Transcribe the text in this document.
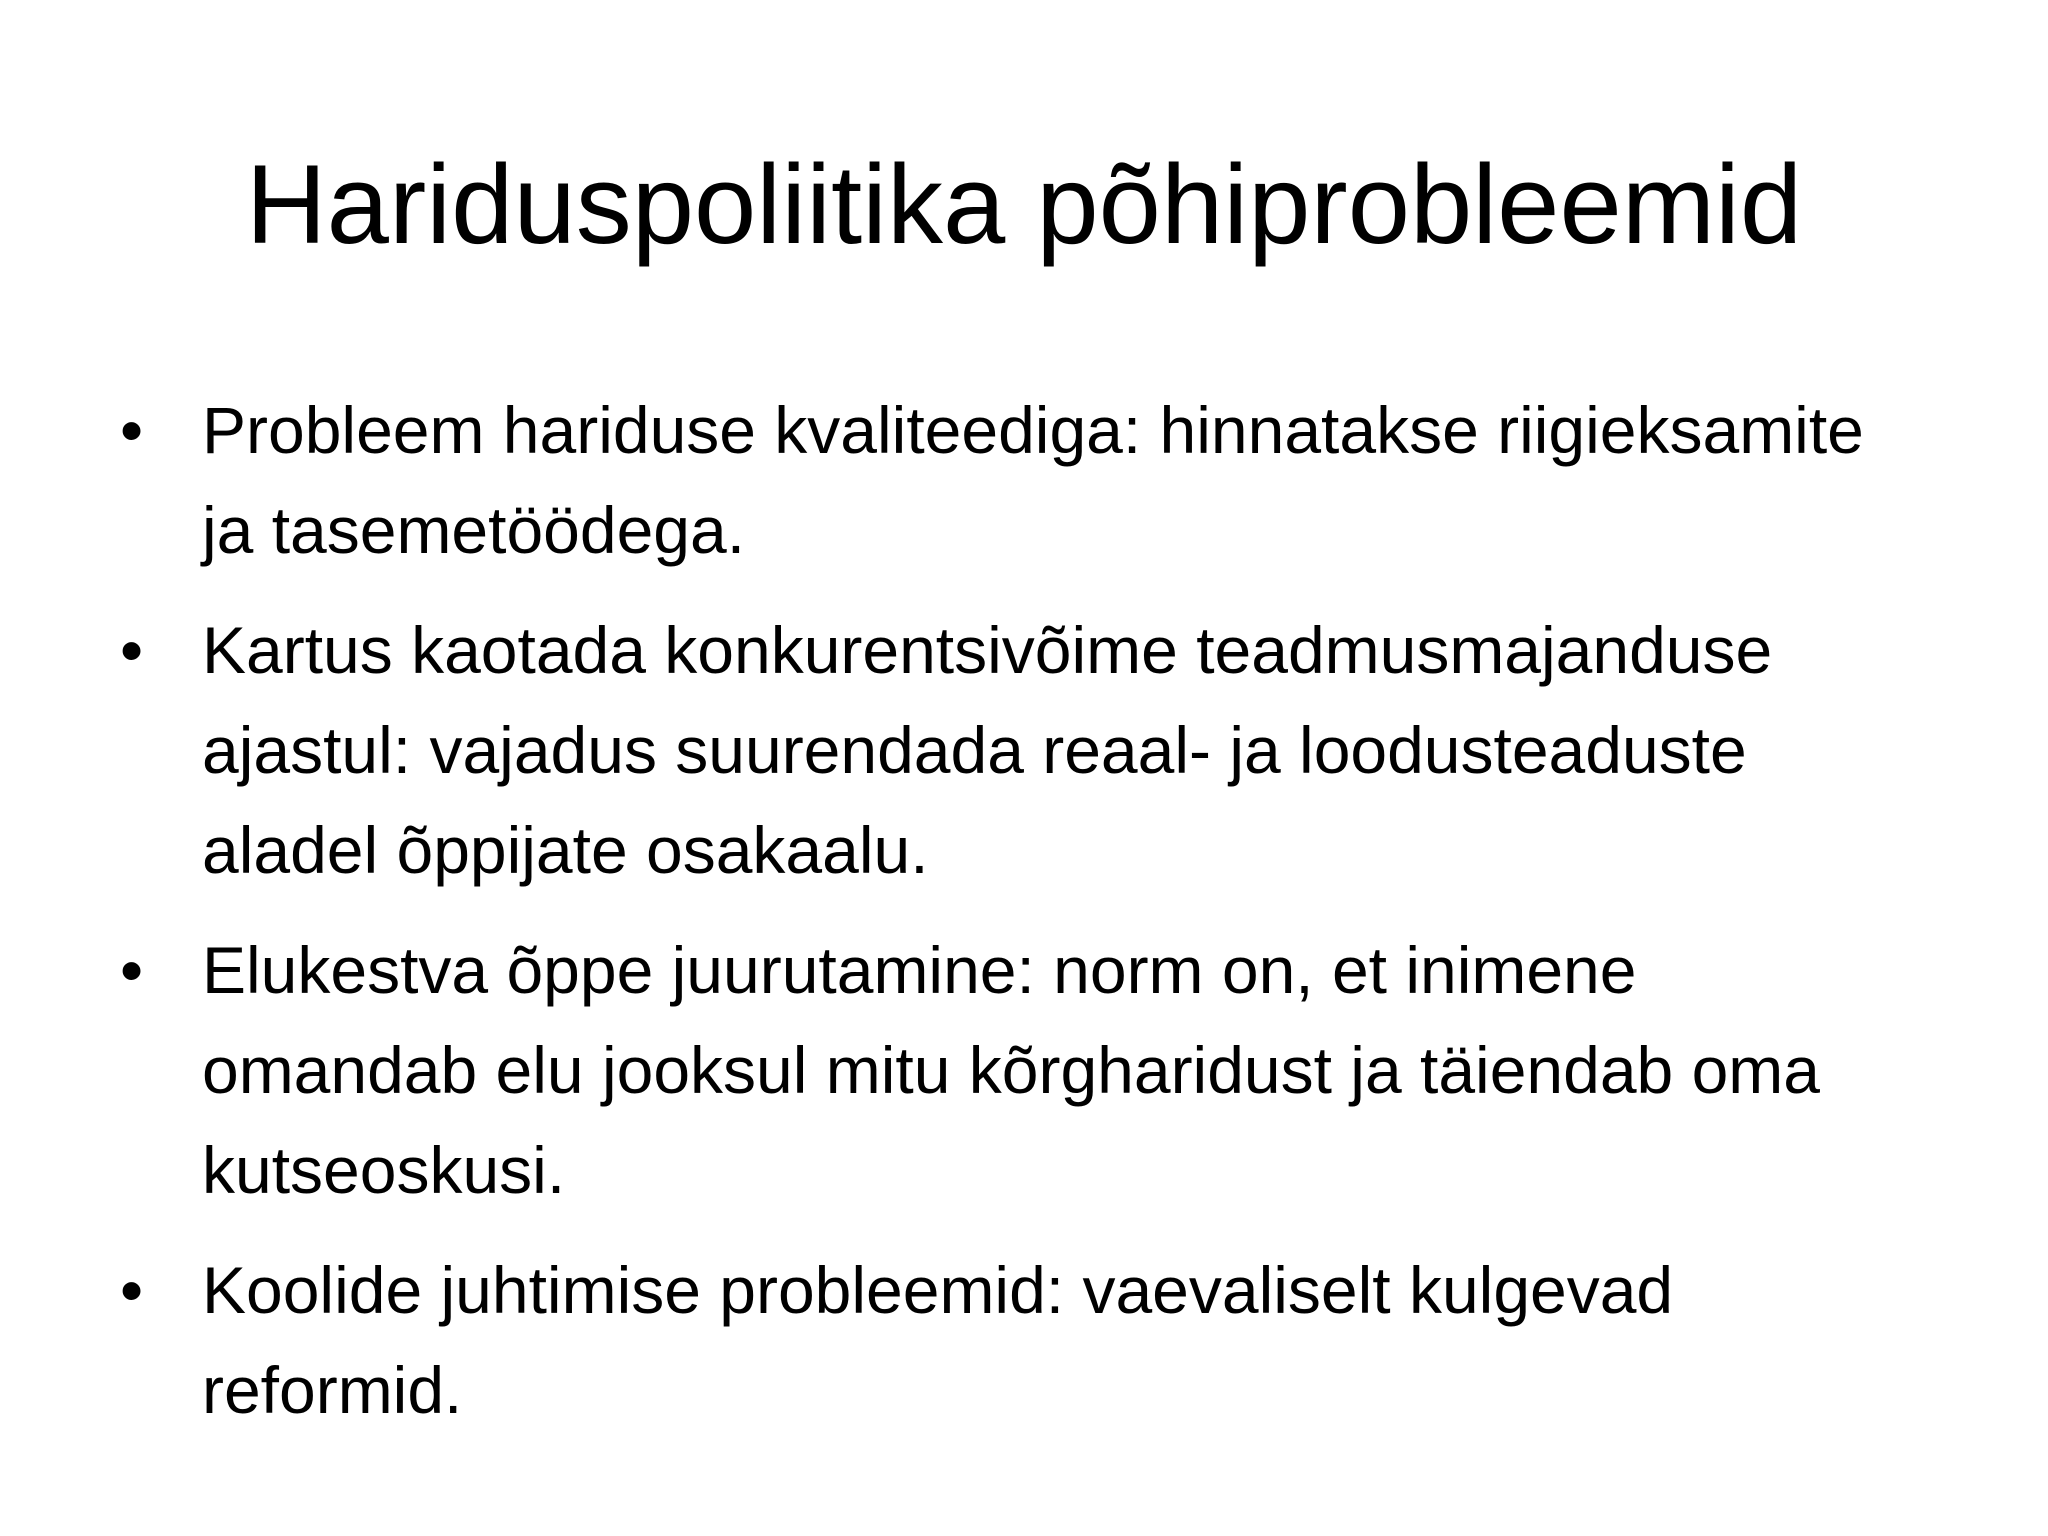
Hariduspoliitika põhiprobleemid
• Probleem hariduse kvaliteediga: hinnatakse riigieksamite ja tasemetöödega.
• Kartus kaotada konkurentsivõime teadmusmajanduse ajastul: vajadus suurendada reaal- ja loodusteaduste aladel õppijate osakaalu.
• Elukestva õppe juurutamine: norm on, et inimene omandab elu jooksul mitu kõrgharidust ja täiendab oma kutseoskusi.
• Koolide juhtimise probleemid: vaevaliselt kulgevad reformid.
